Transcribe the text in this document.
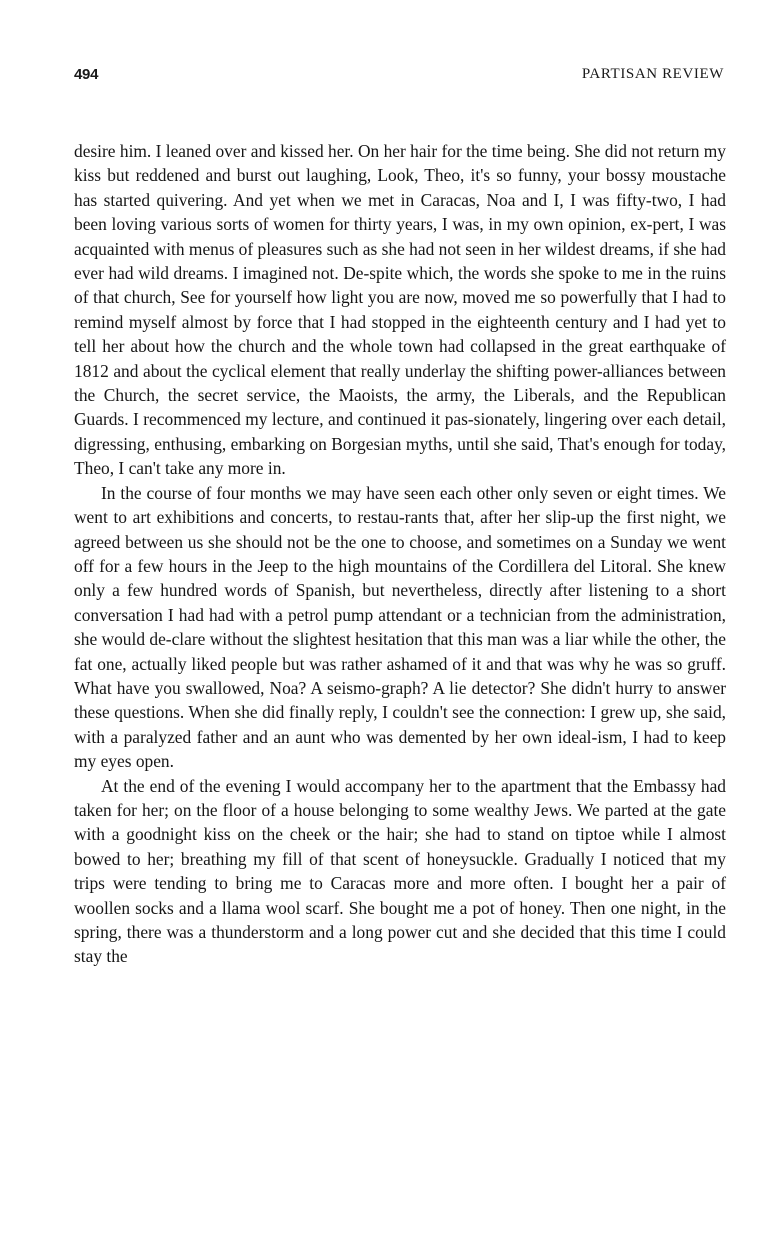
494	PARTISAN REVIEW

desire him. I leaned over and kissed her. On her hair for the time being. She did not return my kiss but reddened and burst out laughing, Look, Theo, it's so funny, your bossy moustache has started quivering. And yet when we met in Caracas, Noa and I, I was fifty-two, I had been loving various sorts of women for thirty years, I was, in my own opinion, ex-pert, I was acquainted with menus of pleasures such as she had not seen in her wildest dreams, if she had ever had wild dreams. I imagined not. De-spite which, the words she spoke to me in the ruins of that church, See for yourself how light you are now, moved me so powerfully that I had to remind myself almost by force that I had stopped in the eighteenth century and I had yet to tell her about how the church and the whole town had collapsed in the great earthquake of 1812 and about the cyclical element that really underlay the shifting power-alliances between the Church, the secret service, the Maoists, the army, the Liberals, and the Republican Guards. I recommenced my lecture, and continued it pas-sionately, lingering over each detail, digressing, enthusing, embarking on Borgesian myths, until she said, That's enough for today, Theo, I can't take any more in.

In the course of four months we may have seen each other only seven or eight times. We went to art exhibitions and concerts, to restau-rants that, after her slip-up the first night, we agreed between us she should not be the one to choose, and sometimes on a Sunday we went off for a few hours in the Jeep to the high mountains of the Cordillera del Litoral. She knew only a few hundred words of Spanish, but nevertheless, directly after listening to a short conversation I had had with a petrol pump attendant or a technician from the administration, she would de-clare without the slightest hesitation that this man was a liar while the other, the fat one, actually liked people but was rather ashamed of it and that was why he was so gruff. What have you swallowed, Noa? A seismo-graph? A lie detector? She didn't hurry to answer these questions. When she did finally reply, I couldn't see the connection: I grew up, she said, with a paralyzed father and an aunt who was demented by her own ideal-ism, I had to keep my eyes open.

At the end of the evening I would accompany her to the apartment that the Embassy had taken for her; on the floor of a house belonging to some wealthy Jews. We parted at the gate with a goodnight kiss on the cheek or the hair; she had to stand on tiptoe while I almost bowed to her; breathing my fill of that scent of honeysuckle. Gradually I noticed that my trips were tending to bring me to Caracas more and more often. I bought her a pair of woollen socks and a llama wool scarf. She bought me a pot of honey. Then one night, in the spring, there was a thunderstorm and a long power cut and she decided that this time I could stay the
